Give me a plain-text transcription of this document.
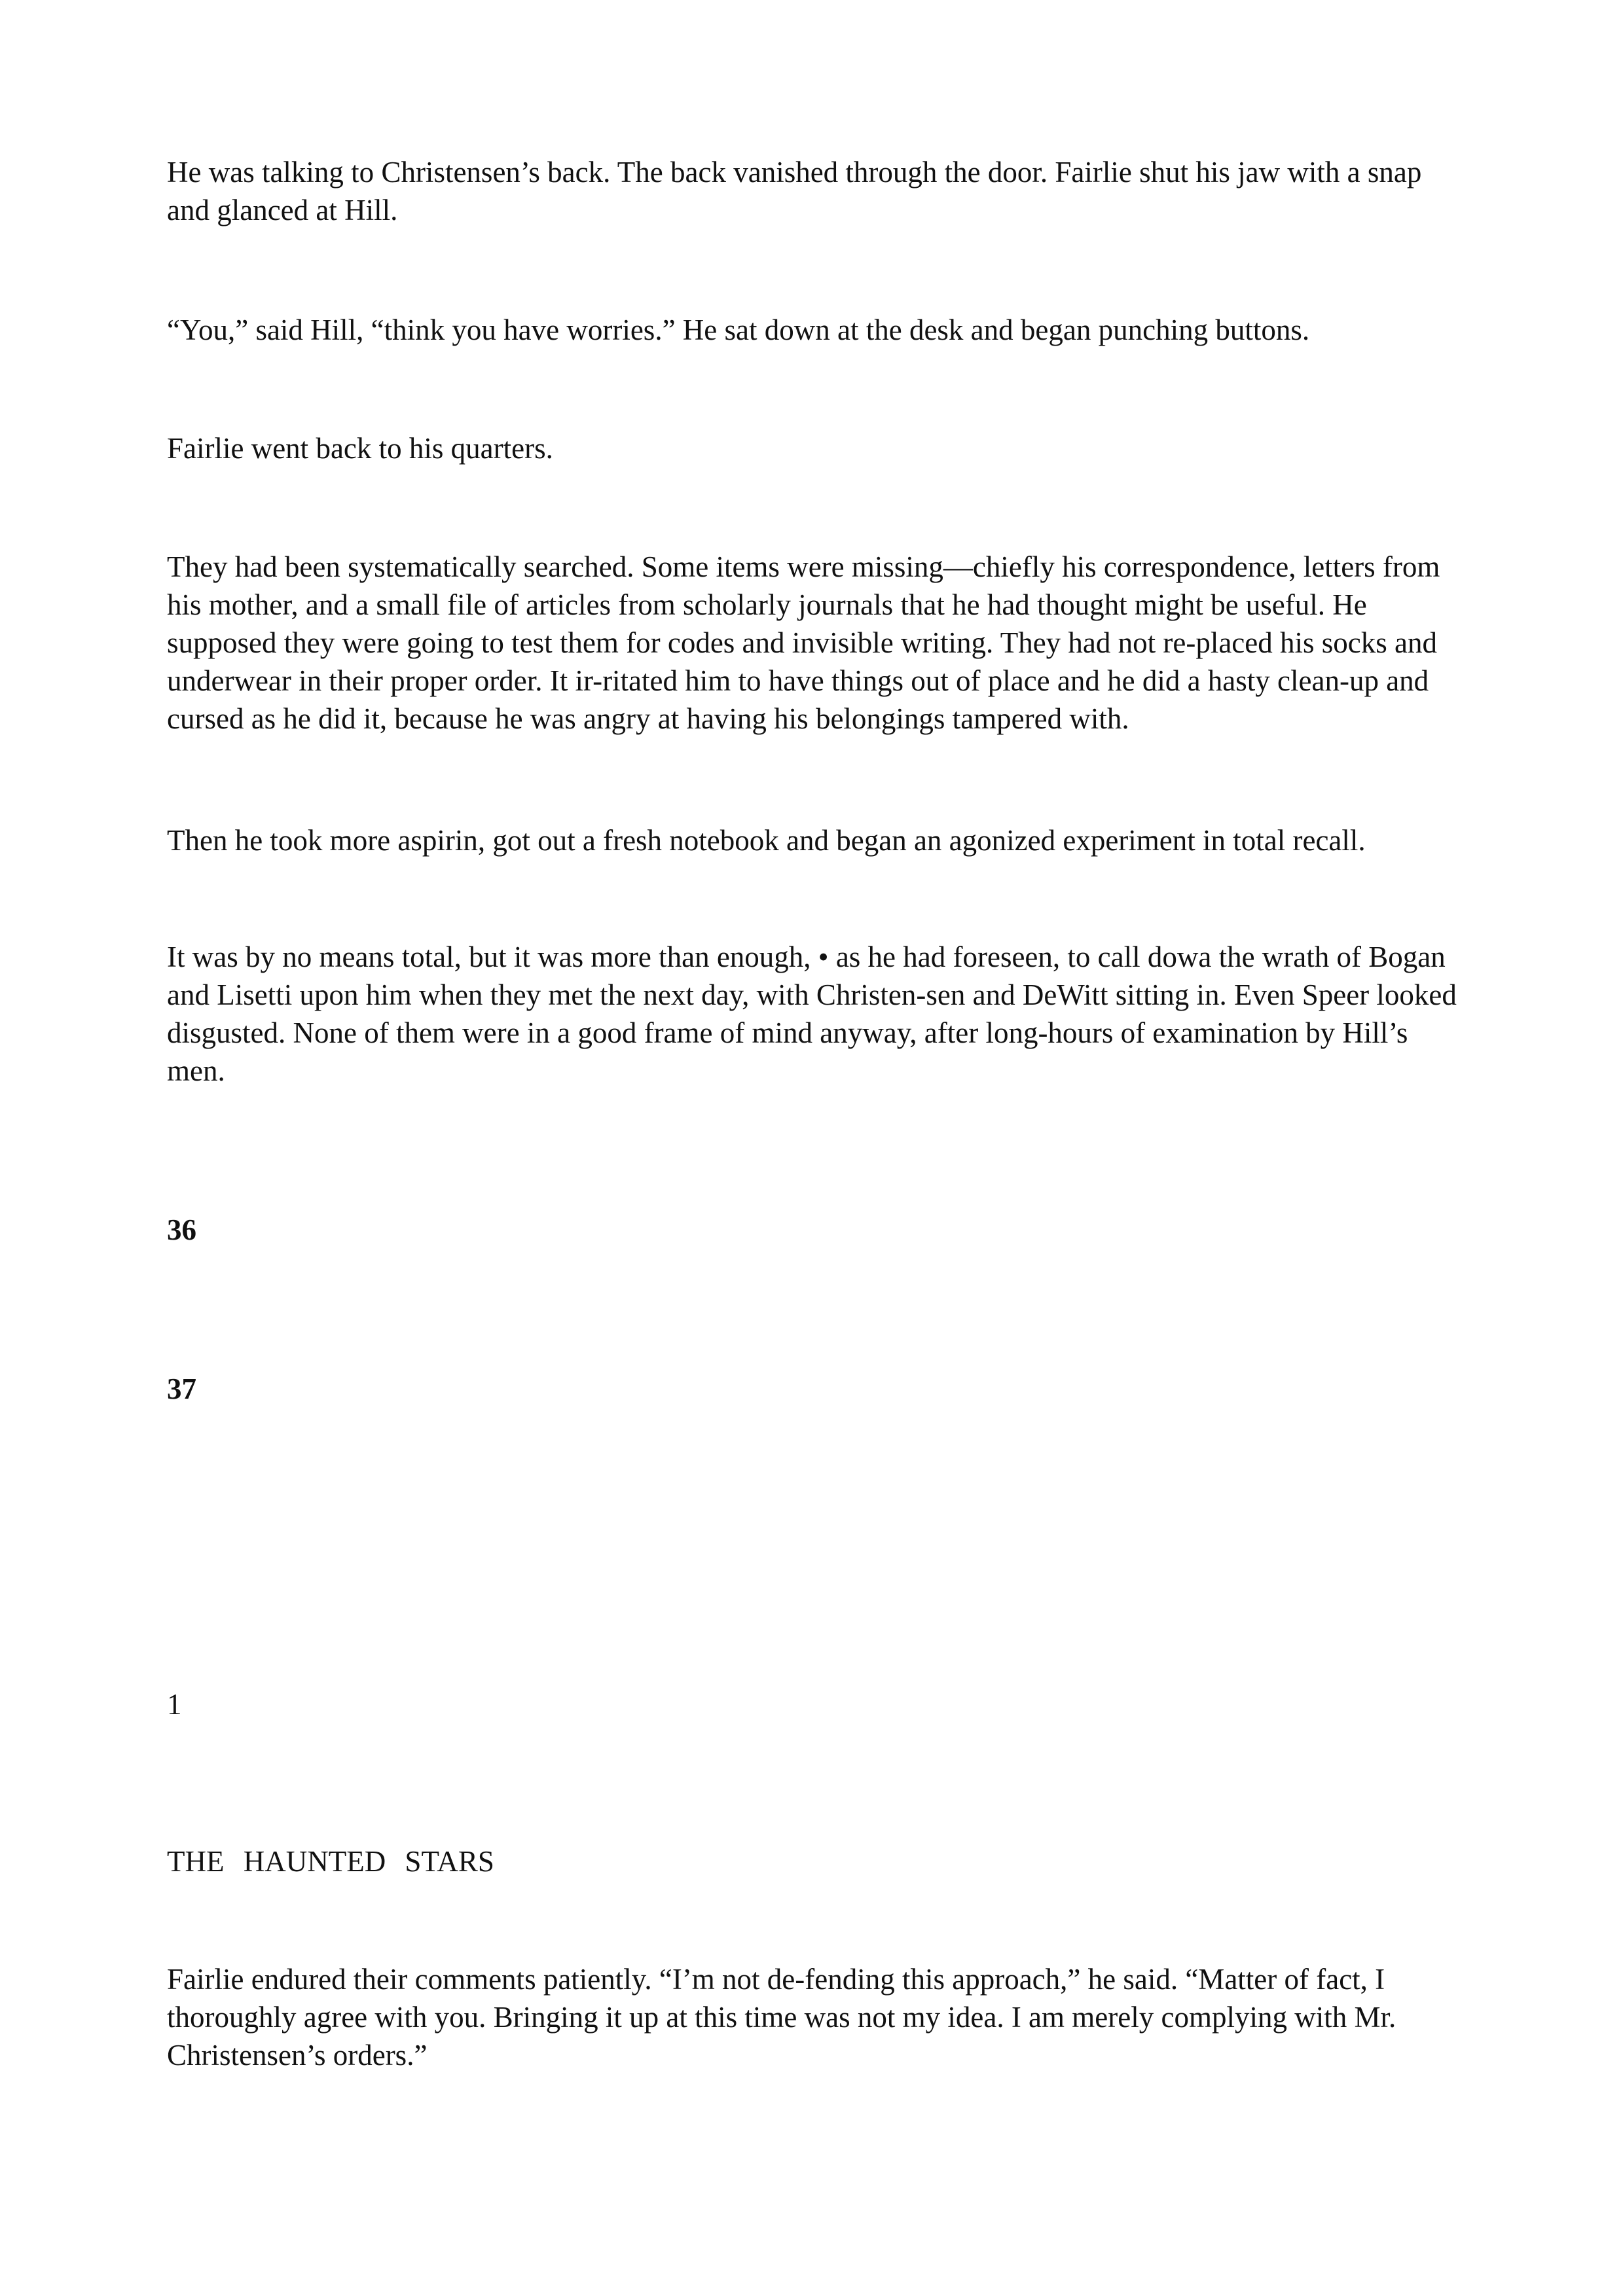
He was talking to Christensen’s back. The back vanished through the door. Fairlie shut his jaw with a snap and glanced at Hill.

“You,” said Hill, “think you have worries.” He sat down at the desk and began punching buttons.

Fairlie went back to his quarters.

They had been systematically searched. Some items were missing—chiefly his correspondence, letters from his mother, and a small file of articles from scholarly journals that he had thought might be useful. He supposed they were going to test them for codes and invisible writing. They had not re-placed his socks and underwear in their proper order. It ir-ritated him to have things out of place and he did a hasty clean-up and cursed as he did it, because he was angry at having his belongings tampered with.

Then he took more aspirin, got out a fresh notebook and began an agonized experiment in total recall.

It was by no means total, but it was more than enough, • as he had foreseen, to call dowa the wrath of Bogan and Lisetti upon him when they met the next day, with Christen-sen and DeWitt sitting in. Even Speer looked disgusted. None of them were in a good frame of mind anyway, after long-hours of examination by Hill’s men.

36
37
1
THE HAUNTED STARS

Fairlie endured their comments patiently. “I’m not de-fending this approach,” he said. “Matter of fact, I thoroughly agree with you. Bringing it up at this time was not my idea. I am merely complying with Mr. Christensen’s orders.”
